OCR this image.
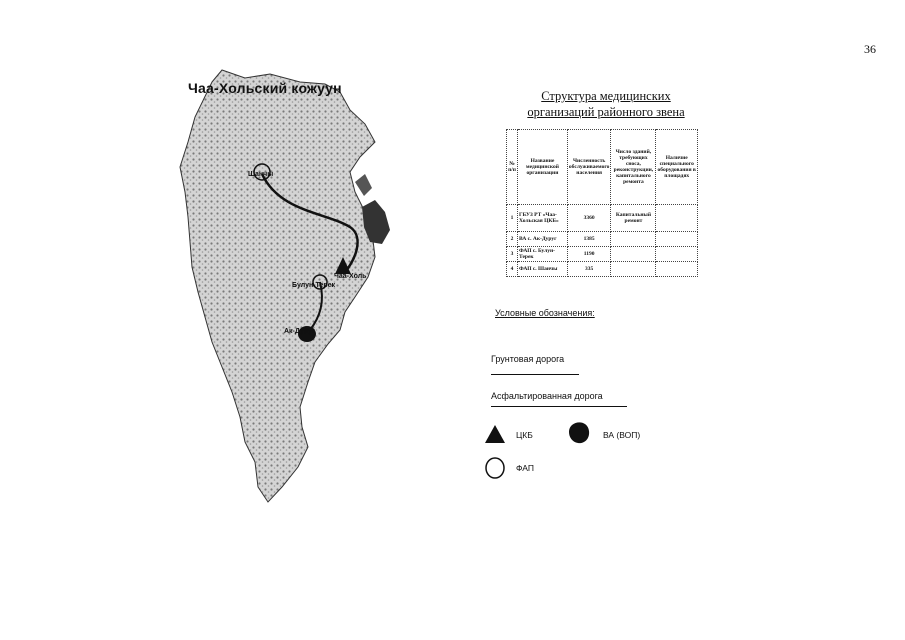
36
Чаа-Хольский кожуун
Шанчы
Булун-Терек
Ак-Дуруг
Чаа-Холь
Структура медицинских
организаций районного звена
№ п/п	Название медицинской организации	Численность обслуживаемого населения	Число зданий, требующих сноса, реконструкции, капитального ремонта	Наличие специального оборудования в площадях
1	ГБУЗ РТ «Чаа-Хольская ЦКБ»	3360	Капитальный ремонт	
2	ВА с. Ак-Дуруг	1385		
3	ФАП с. Булун-Терек	1190		
4	ФАП с. Шанчы	335		
Условные обозначения:
Грунтовая дорога
Асфальтированная дорога
ЦКБ	ВА (ВОП)
ФАП
